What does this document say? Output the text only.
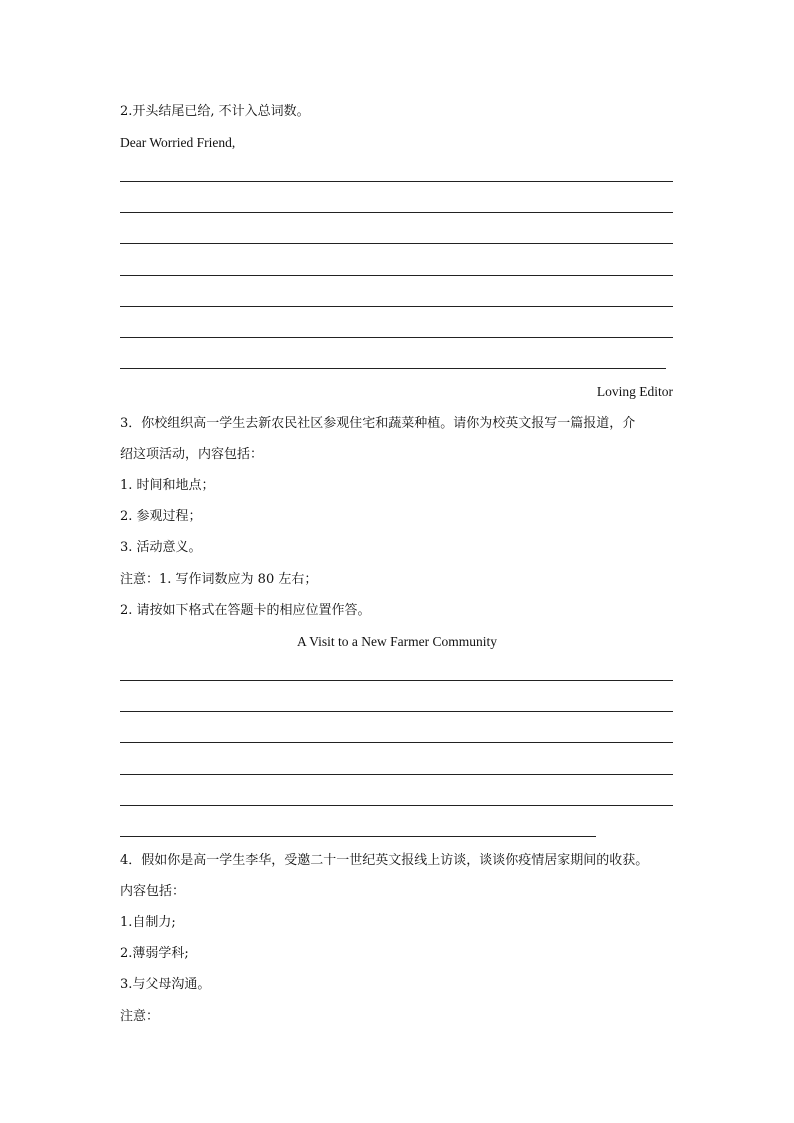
2.开头结尾已给, 不计入总词数。
Dear Worried Friend,
Loving Editor
3．你校组织高一学生去新农民社区参观住宅和蔬菜种植。请你为校英文报写一篇报道，介
绍这项活动，内容包括：
1. 时间和地点；
2. 参观过程；
3. 活动意义。
注意：1. 写作词数应为 80 左右；
2. 请按如下格式在答题卡的相应位置作答。
A Visit to a New Farmer Community
4．假如你是高一学生李华，受邀二十一世纪英文报线上访谈，谈谈你疫情居家期间的收获。
内容包括：
1.自制力;
2.薄弱学科;
3.与父母沟通。
注意：
